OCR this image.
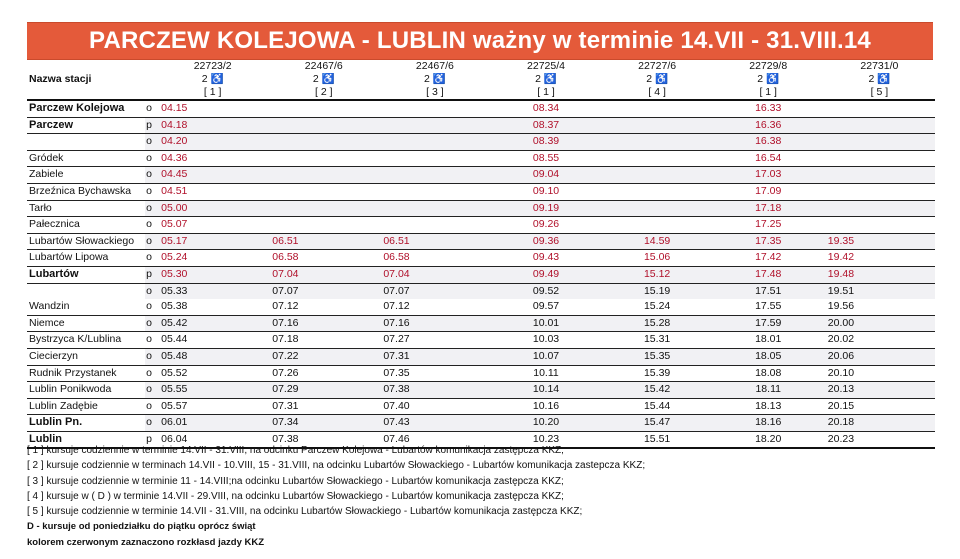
PARCZEW KOLEJOWA - LUBLIN ważny w terminie 14.VII - 31.VIII.14
		22723/2	22467/6	22467/6	22725/4	22727/6	22729/8	22731/0
Nazwa stacji		2 ♿	2 ♿	2 ♿	2 ♿	2 ♿	2 ♿	2 ♿
		[ 1 ]	[ 2 ]	[ 3 ]	[ 1 ]	[ 4 ]	[ 1 ]	[ 5 ]
Parczew Kolejowa	o	04.15			08.34		16.33	
Parczew	p	04.18			08.37		16.36	
	o	04.20			08.39		16.38	
Gródek	o	04.36			08.55		16.54	
Zabiele	o	04.45			09.04		17.03	
Brzeźnica Bychawska	o	04.51			09.10		17.09	
Tarło	o	05.00			09.19		17.18	
Pałecznica	o	05.07			09.26		17.25	
Lubartów Słowackiego	o	05.17	06.51	06.51	09.36	14.59	17.35	19.35
Lubartów Lipowa	o	05.24	06.58	06.58	09.43	15.06	17.42	19.42
Lubartów	p	05.30	07.04	07.04	09.49	15.12	17.48	19.48
	o	05.33	07.07	07.07	09.52	15.19	17.51	19.51
Wandzin	o	05.38	07.12	07.12	09.57	15.24	17.55	19.56
Niemce	o	05.42	07.16	07.16	10.01	15.28	17.59	20.00
Bystrzyca K/Lublina	o	05.44	07.18	07.27	10.03	15.31	18.01	20.02
Ciecierzyn	o	05.48	07.22	07.31	10.07	15.35	18.05	20.06
Rudnik Przystanek	o	05.52	07.26	07.35	10.11	15.39	18.08	20.10
Lublin Ponikwoda	o	05.55	07.29	07.38	10.14	15.42	18.11	20.13
Lublin Zadębie	o	05.57	07.31	07.40	10.16	15.44	18.13	20.15
Lublin Pn.	o	06.01	07.34	07.43	10.20	15.47	18.16	20.18
Lublin	p	06.04	07.38	07.46	10.23	15.51	18.20	20.23
[ 1 ] kursuje codziennie w terminie 14.VII - 31.VIII, na odcinku Parczew Kolejowa - Lubartów komunikacja zastępcza KKZ;
[ 2 ] kursuje codziennie w terminach 14.VII - 10.VIII, 15 - 31.VIII, na odcinku Lubartów Słowackiego - Lubartów komunikacja zastepcza KKZ;
[ 3 ] kursuje codziennie w terminie 11 - 14.VIII;na odcinku Lubartów Słowackiego - Lubartów komunikacja zastępcza KKZ;
[ 4 ] kursuje w ( D ) w terminie 14.VII - 29.VIII, na odcinku Lubartów Słowackiego - Lubartów komunikacja zastępcza KKZ;
[ 5 ] kursuje codziennie w terminie 14.VII - 31.VIII, na odcinku Lubartów Słowackiego - Lubartów komunikacja zastępcza KKZ;
D - kursuje od poniedziałku do piątku oprócz świąt
kolorem czerwonym zaznaczono rozkłasd jazdy KKZ
